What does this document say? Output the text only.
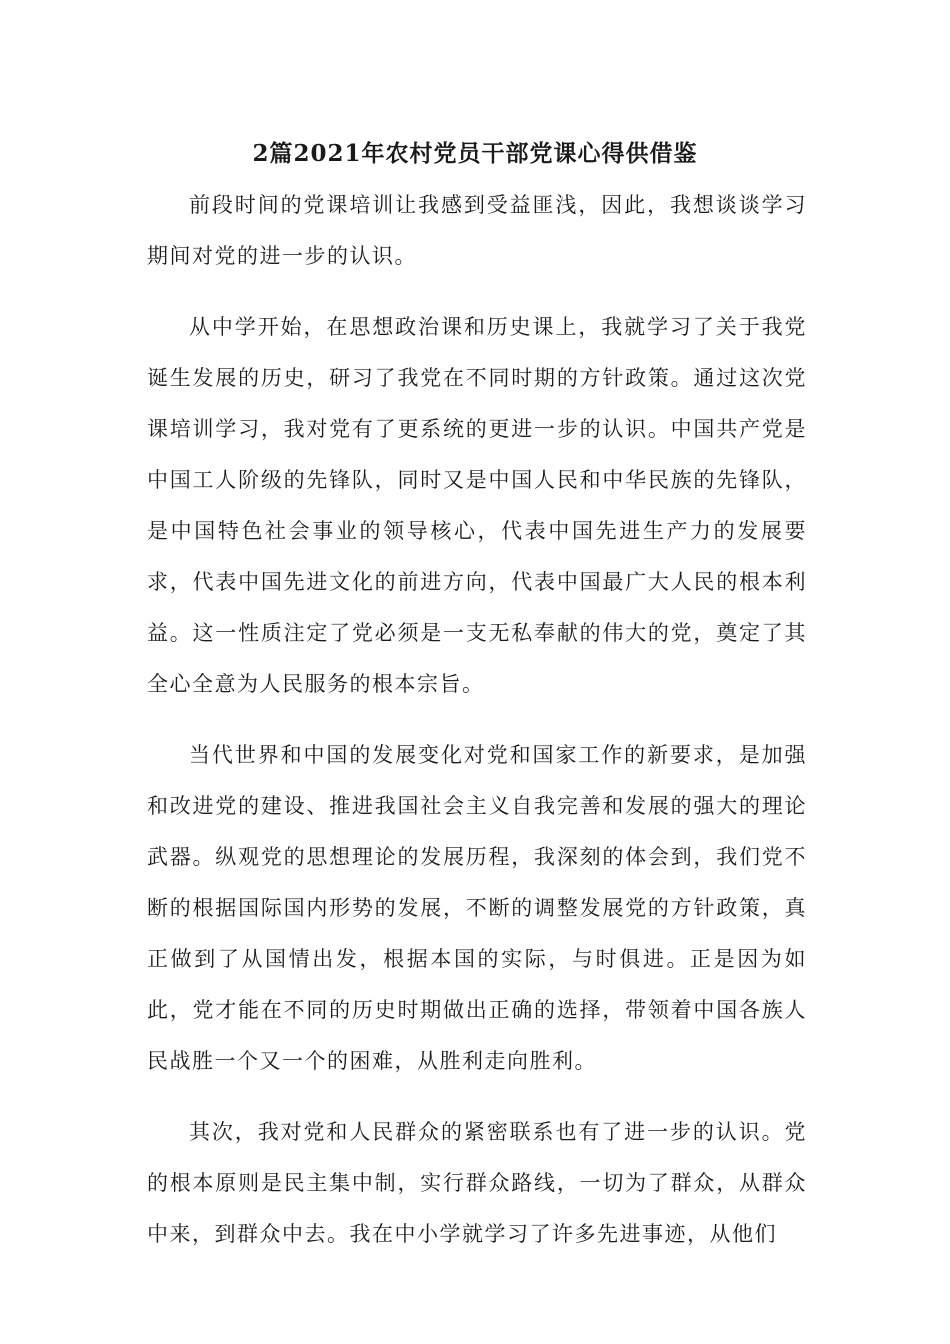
2篇2021年农村党员干部党课心得供借鉴

前段时间的党课培训让我感到受益匪浅，因此，我想谈谈学习期间对党的进一步的认识。

从中学开始，在思想政治课和历史课上，我就学习了关于我党诞生发展的历史，研习了我党在不同时期的方针政策。通过这次党课培训学习，我对党有了更系统的更进一步的认识。中国共产党是中国工人阶级的先锋队，同时又是中国人民和中华民族的先锋队，是中国特色社会事业的领导核心，代表中国先进生产力的发展要求，代表中国先进文化的前进方向，代表中国最广大人民的根本利益。这一性质注定了党必须是一支无私奉献的伟大的党，奠定了其全心全意为人民服务的根本宗旨。

当代世界和中国的发展变化对党和国家工作的新要求，是加强和改进党的建设、推进我国社会主义自我完善和发展的强大的理论武器。纵观党的思想理论的发展历程，我深刻的体会到，我们党不断的根据国际国内形势的发展，不断的调整发展党的方针政策，真正做到了从国情出发，根据本国的实际，与时俱进。正是因为如此，党才能在不同的历史时期做出正确的选择，带领着中国各族人民战胜一个又一个的困难，从胜利走向胜利。

其次，我对党和人民群众的紧密联系也有了进一步的认识。党的根本原则是民主集中制，实行群众路线，一切为了群众，从群众中来，到群众中去。我在中小学就学习了许多先进事迹，从他们
